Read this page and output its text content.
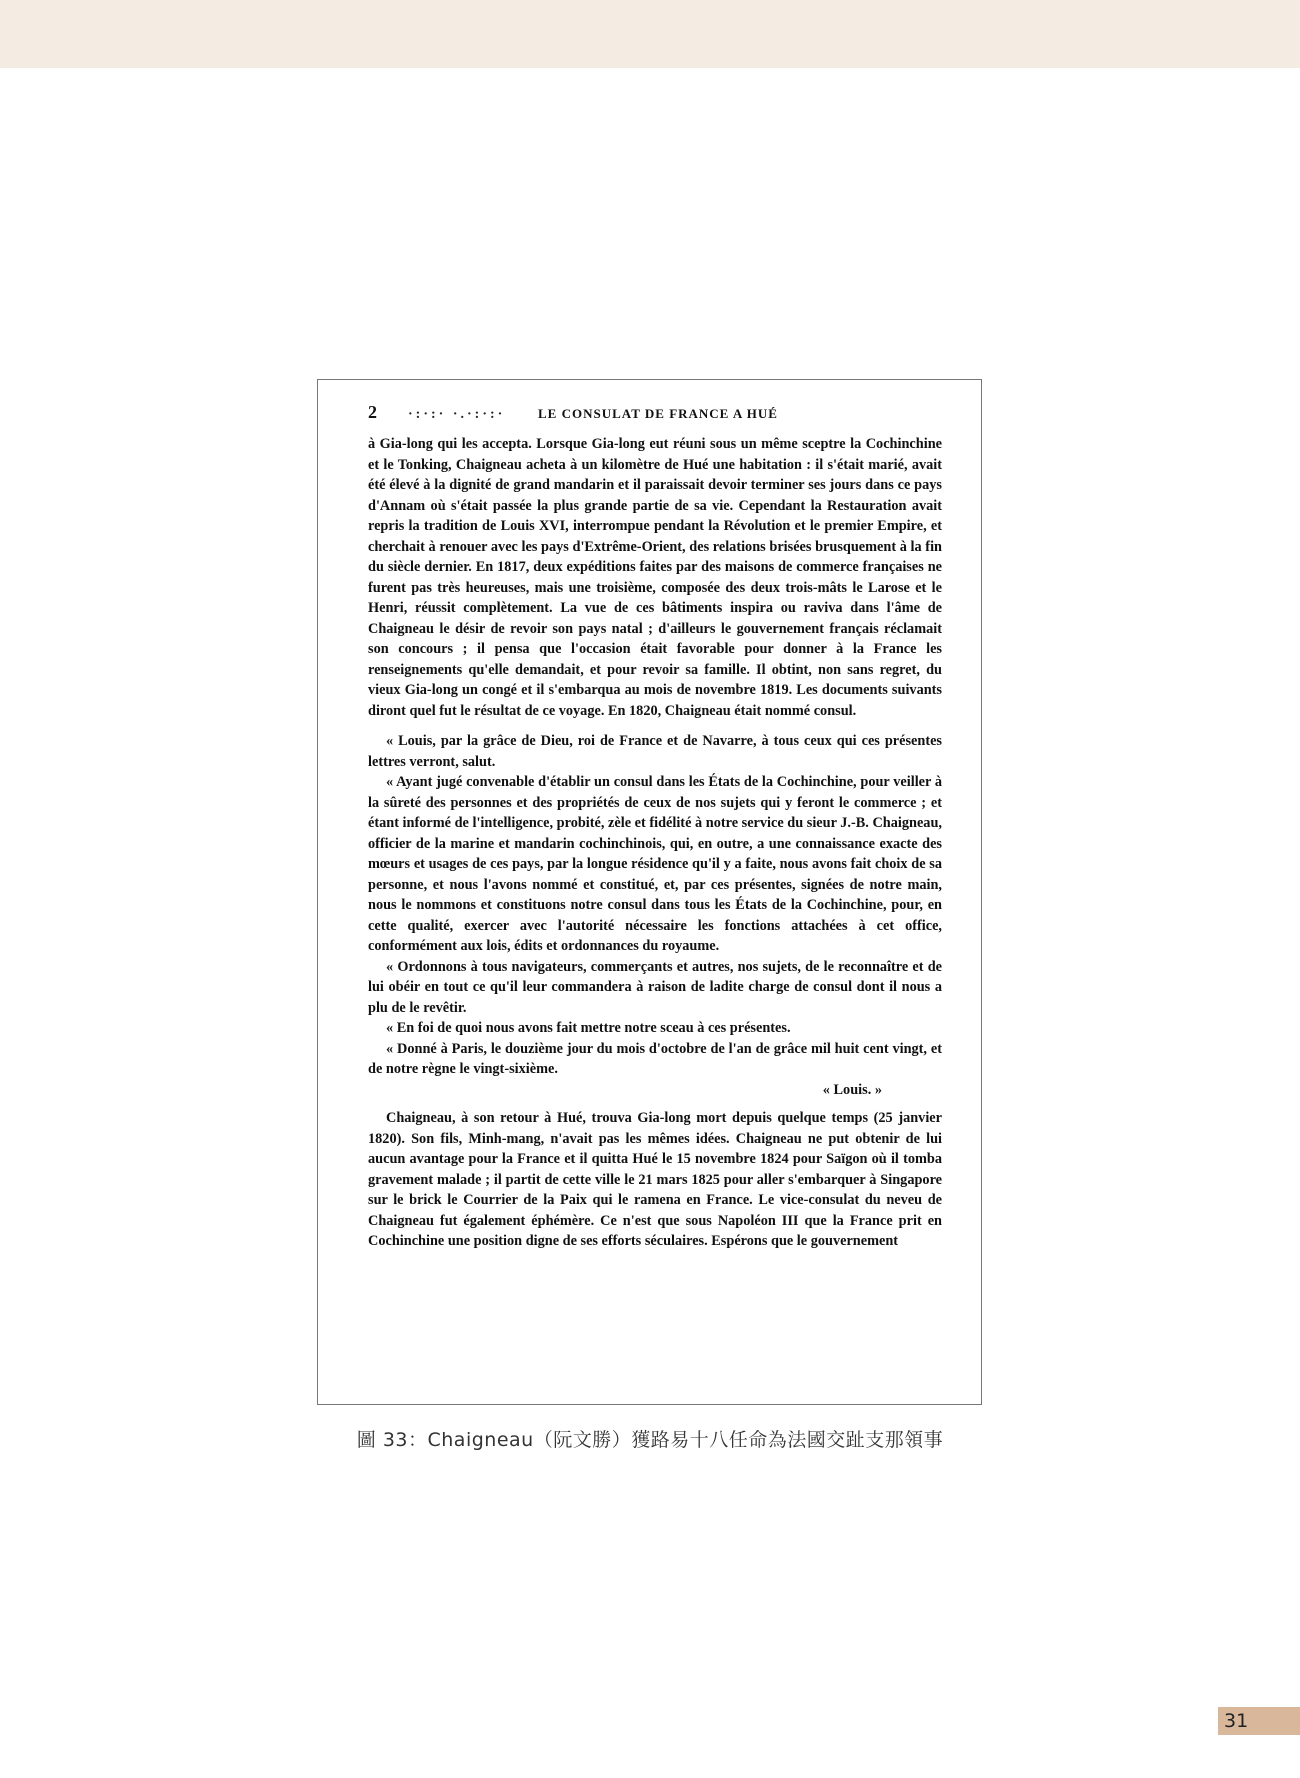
2	·:·:· ·.·:·:·	LE CONSULAT DE FRANCE A HUÉ

à Gia-long qui les accepta. Lorsque Gia-long eut réuni sous un même sceptre la Cochinchine et le Tonking, Chaigneau acheta à un kilomètre de Hué une habitation : il s'était marié, avait été élevé à la dignité de grand mandarin et il paraissait devoir terminer ses jours dans ce pays d'Annam où s'était passée la plus grande partie de sa vie. Cependant la Restauration avait repris la tradition de Louis XVI, interrompue pendant la Révolution et le premier Empire, et cherchait à renouer avec les pays d'Extrême-Orient, des relations brisées brusquement à la fin du siècle dernier. En 1817, deux expéditions faites par des maisons de commerce françaises ne furent pas très heureuses, mais une troisième, composée des deux trois-mâts le Larose et le Henri, réussit complètement. La vue de ces bâtiments inspira ou raviva dans l'âme de Chaigneau le désir de revoir son pays natal ; d'ailleurs le gouvernement français réclamait son concours ; il pensa que l'occasion était favorable pour donner à la France les renseignements qu'elle demandait, et pour revoir sa famille. Il obtint, non sans regret, du vieux Gia-long un congé et il s'embarqua au mois de novembre 1819. Les documents suivants diront quel fut le résultat de ce voyage. En 1820, Chaigneau était nommé consul.

« Louis, par la grâce de Dieu, roi de France et de Navarre, à tous ceux qui ces présentes lettres verront, salut.

« Ayant jugé convenable d'établir un consul dans les États de la Cochinchine, pour veiller à la sûreté des personnes et des propriétés de ceux de nos sujets qui y feront le commerce ; et étant informé de l'intelligence, probité, zèle et fidélité à notre service du sieur J.-B. Chaigneau, officier de la marine et mandarin cochinchinois, qui, en outre, a une connaissance exacte des mœurs et usages de ces pays, par la longue résidence qu'il y a faite, nous avons fait choix de sa personne, et nous l'avons nommé et constitué, et, par ces présentes, signées de notre main, nous le nommons et constituons notre consul dans tous les États de la Cochinchine, pour, en cette qualité, exercer avec l'autorité nécessaire les fonctions attachées à cet office, conformément aux lois, édits et ordonnances du royaume.

« Ordonnons à tous navigateurs, commerçants et autres, nos sujets, de le reconnaître et de lui obéir en tout ce qu'il leur commandera à raison de ladite charge de consul dont il nous a plu de le revêtir.

« En foi de quoi nous avons fait mettre notre sceau à ces présentes.

« Donné à Paris, le douzième jour du mois d'octobre de l'an de grâce mil huit cent vingt, et de notre règne le vingt-sixième.

« Louis. »

Chaigneau, à son retour à Hué, trouva Gia-long mort depuis quelque temps (25 janvier 1820). Son fils, Minh-mang, n'avait pas les mêmes idées. Chaigneau ne put obtenir de lui aucun avantage pour la France et il quitta Hué le 15 novembre 1824 pour Saïgon où il tomba gravement malade ; il partit de cette ville le 21 mars 1825 pour aller s'embarquer à Singapore sur le brick le Courrier de la Paix qui le ramena en France. Le vice-consulat du neveu de Chaigneau fut également éphémère. Ce n'est que sous Napoléon III que la France prit en Cochinchine une position digne de ses efforts séculaires. Espérons que le gouvernement

圖 33：Chaigneau（阮文勝）獲路易十八任命為法國交趾支那領事
31
